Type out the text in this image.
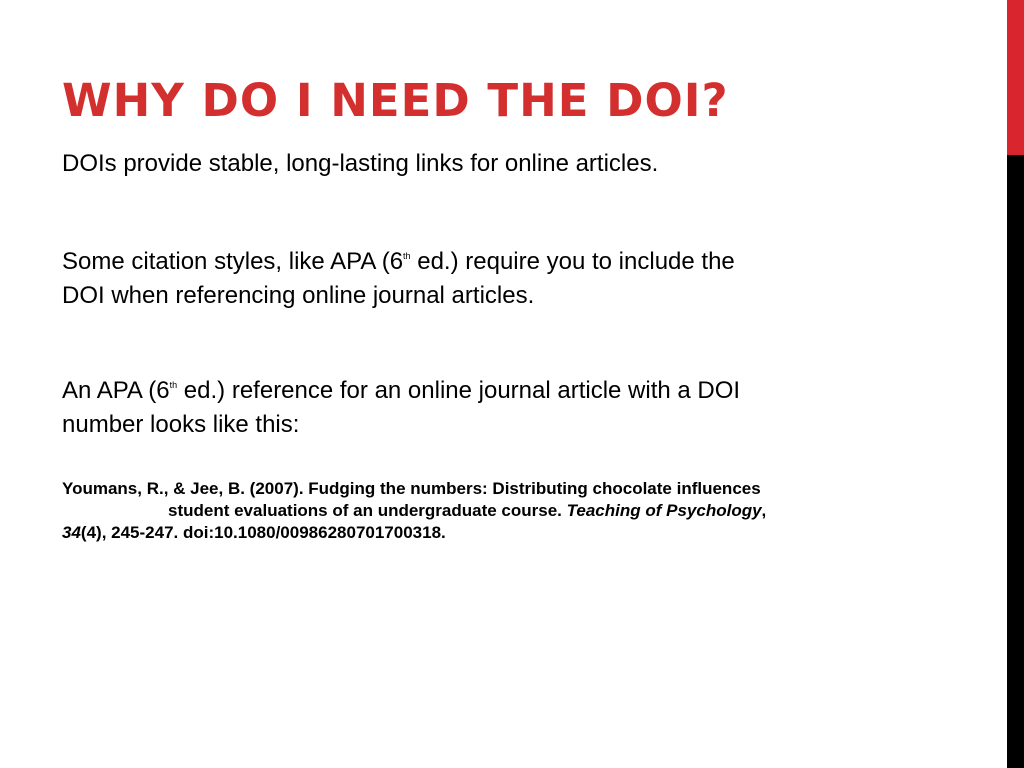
WHY DO I NEED THE DOI?

DOIs provide stable, long-lasting links for online articles.

Some citation styles, like APA (6th ed.) require you to include the
DOI when referencing online journal articles.

An APA (6th ed.) reference for an online journal article with a DOI
number looks like this:

Youmans, R., & Jee, B. (2007). Fudging the numbers: Distributing chocolate influences
student evaluations of an undergraduate course. Teaching of Psychology,
34(4), 245-247. doi:10.1080/00986280701700318.
